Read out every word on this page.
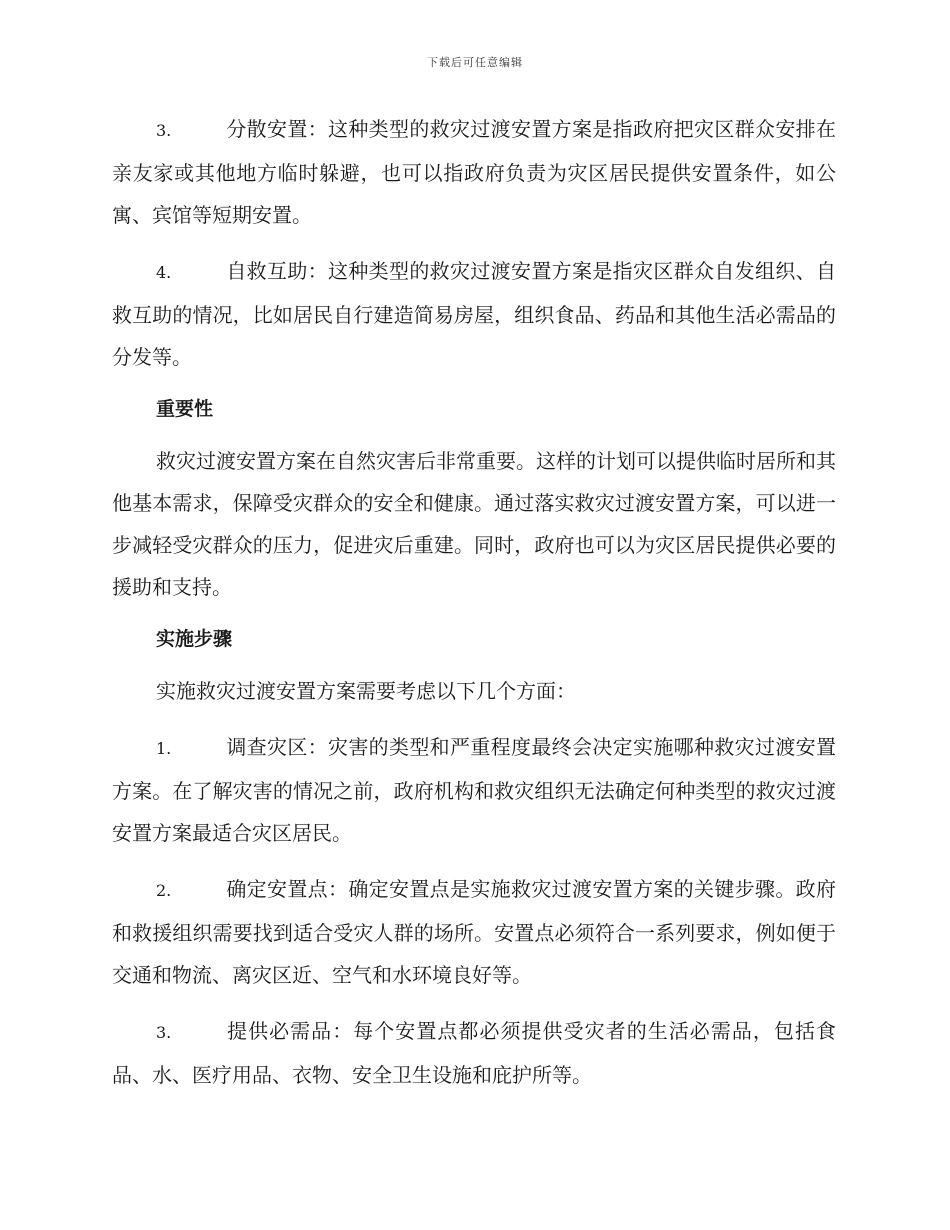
下载后可任意编辑

3.	分散安置：这种类型的救灾过渡安置方案是指政府把灾区群众安排在亲友家或其他地方临时躲避，也可以指政府负责为灾区居民提供安置条件，如公寓、宾馆等短期安置。

4.	自救互助：这种类型的救灾过渡安置方案是指灾区群众自发组织、自救互助的情况，比如居民自行建造简易房屋，组织食品、药品和其他生活必需品的分发等。

重要性

救灾过渡安置方案在自然灾害后非常重要。这样的计划可以提供临时居所和其他基本需求，保障受灾群众的安全和健康。通过落实救灾过渡安置方案，可以进一步减轻受灾群众的压力，促进灾后重建。同时，政府也可以为灾区居民提供必要的援助和支持。

实施步骤

实施救灾过渡安置方案需要考虑以下几个方面：

1.	调查灾区：灾害的类型和严重程度最终会决定实施哪种救灾过渡安置方案。在了解灾害的情况之前，政府机构和救灾组织无法确定何种类型的救灾过渡安置方案最适合灾区居民。

2.	确定安置点：确定安置点是实施救灾过渡安置方案的关键步骤。政府和救援组织需要找到适合受灾人群的场所。安置点必须符合一系列要求，例如便于交通和物流、离灾区近、空气和水环境良好等。

3.	提供必需品：每个安置点都必须提供受灾者的生活必需品，包括食品、水、医疗用品、衣物、安全卫生设施和庇护所等。
